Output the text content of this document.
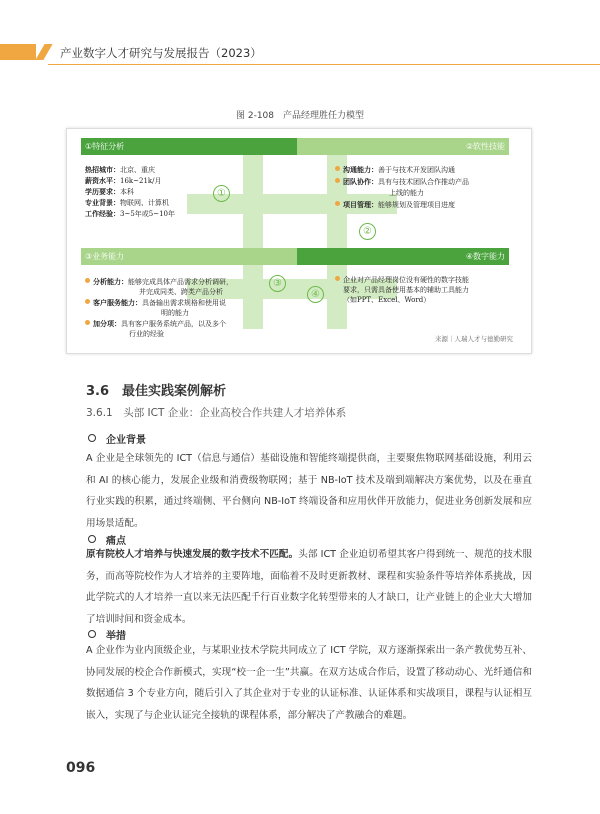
产业数字人才研究与发展报告（2023）
图 2-108　产品经理胜任力模型
①特征分析	②软性技能
③业务能力	④数字能力
①
②
③
④
热招城市：北京、重庆
薪资水平：16k~21k/月
学历要求：本科
专业背景：物联网、计算机
工作经验：3~5年或5~10年
沟通能力：善于与技术开发团队沟通
团队协作：具有与技术团队合作推动产品
上线的能力
项目管理：能够规划及管理项目进度
分析能力：能够完成具体产品需求分析调研，
并完成同类、跨类产品分析
客户服务能力：具备输出需求规格和使用说
明的能力
加分项：具有客户服务系统产品，以及多个
行业的经验
企业对产品经理岗位没有硬性的数字技能
要求，只需具备使用基本的辅助工具能力
（如PPT、Excel、Word）
来源｜人瑞人才与德勤研究
3.6　最佳实践案例解析
3.6.1　头部 ICT 企业：企业高校合作共建人才培养体系
企业背景
A 企业是全球领先的 ICT（信息与通信）基础设施和智能终端提供商，主要聚焦物联网基础设施，利用云和 AI 的核心能力，发展企业级和消费级物联网；基于 NB-IoT 技术及端到端解决方案优势，以及在垂直行业实践的积累，通过终端侧、平台侧向 NB-IoT 终端设备和应用伙伴开放能力，促进业务创新发展和应用场景适配。
痛点
原有院校人才培养与快速发展的数字技术不匹配。头部 ICT 企业迫切希望其客户得到统一、规范的技术服务，而高等院校作为人才培养的主要阵地，面临着不及时更新教材、课程和实验条件等培养体系挑战，因此学院式的人才培养一直以来无法匹配千行百业数字化转型带来的人才缺口，让产业链上的企业大大增加了培训时间和资金成本。
举措
A 企业作为业内顶级企业，与某职业技术学院共同成立了 ICT 学院，双方逐渐探索出一条产教优势互补、协同发展的校企合作新模式，实现“校一企一生”共赢。在双方达成合作后，设置了移动动心、光纤通信和数据通信 3 个专业方向，随后引入了其企业对于专业的认证标准、认证体系和实战项目，课程与认证相互嵌入，实现了与企业认证完全接轨的课程体系，部分解决了产教融合的难题。
096
